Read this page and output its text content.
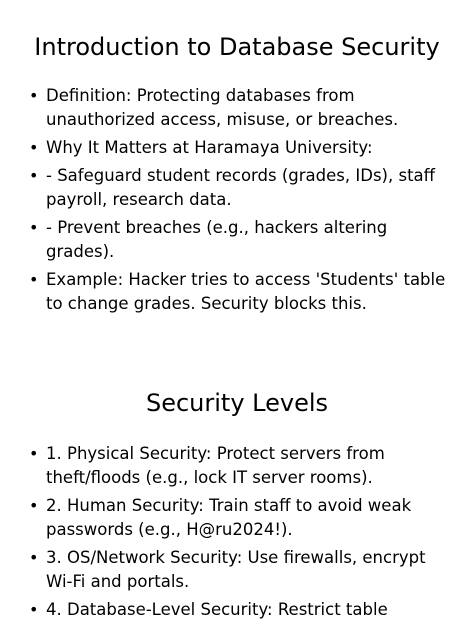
Introduction to Database Security
• Definition: Protecting databases from unauthorized access, misuse, or breaches.
• Why It Matters at Haramaya University:
• - Safeguard student records (grades, IDs), staff payroll, research data.
• - Prevent breaches (e.g., hackers altering grades).
• Example: Hacker tries to access 'Students' table to change grades. Security blocks this.
Security Levels
• 1. Physical Security: Protect servers from theft/floods (e.g., lock IT server rooms).
• 2. Human Security: Train staff to avoid weak passwords (e.g., H@ru2024!).
• 3. OS/Network Security: Use firewalls, encrypt Wi-Fi and portals.
• 4. Database-Level Security: Restrict table
